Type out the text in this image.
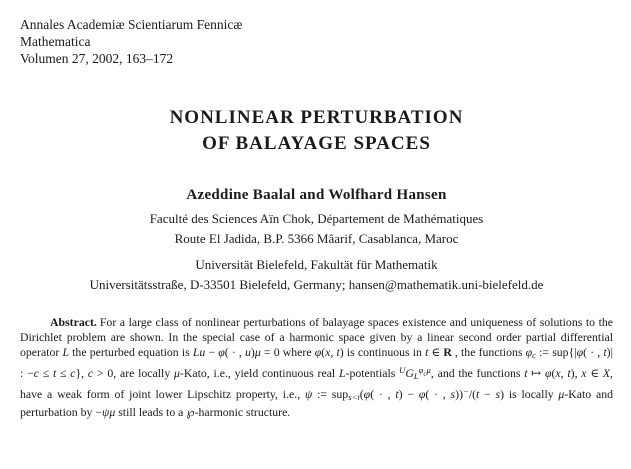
Annales Academiæ Scientiarum Fennicæ
Mathematica
Volumen 27, 2002, 163–172
NONLINEAR PERTURBATION
OF BALAYAGE SPACES
Azeddine Baalal and Wolfhard Hansen
Faculté des Sciences Aïn Chok, Département de Mathématiques
Route El Jadida, B.P. 5366 Mâarif, Casablanca, Maroc
Universität Bielefeld, Fakultät für Mathematik
Universitätsstraße, D-33501 Bielefeld, Germany; hansen@mathematik.uni-bielefeld.de

Abstract. For a large class of nonlinear perturbations of balayage spaces existence and uniqueness of solutions to the Dirichlet problem are shown. In the special case of a harmonic space given by a linear second order partial differential operator L the perturbed equation is Lu − φ( · , u)μ = 0 where φ(x, t) is continuous in t ∈ R , the functions φc := sup{|φ( · , t)| : −c ≤ t ≤ c}, c > 0, are locally μ-Kato, i.e., yield continuous real L-potentials $^UGL^\varphi c^\mu$, and the functions t ↦ φ(x, t), x ∈ X, have a weak form of joint lower Lipschitz property, i.e., ψ := sups<t(φ( · , t) − φ( · , s))−/(t − s) is locally μ-Kato and perturbation by −ψμ still leads to a ℘-harmonic structure.
